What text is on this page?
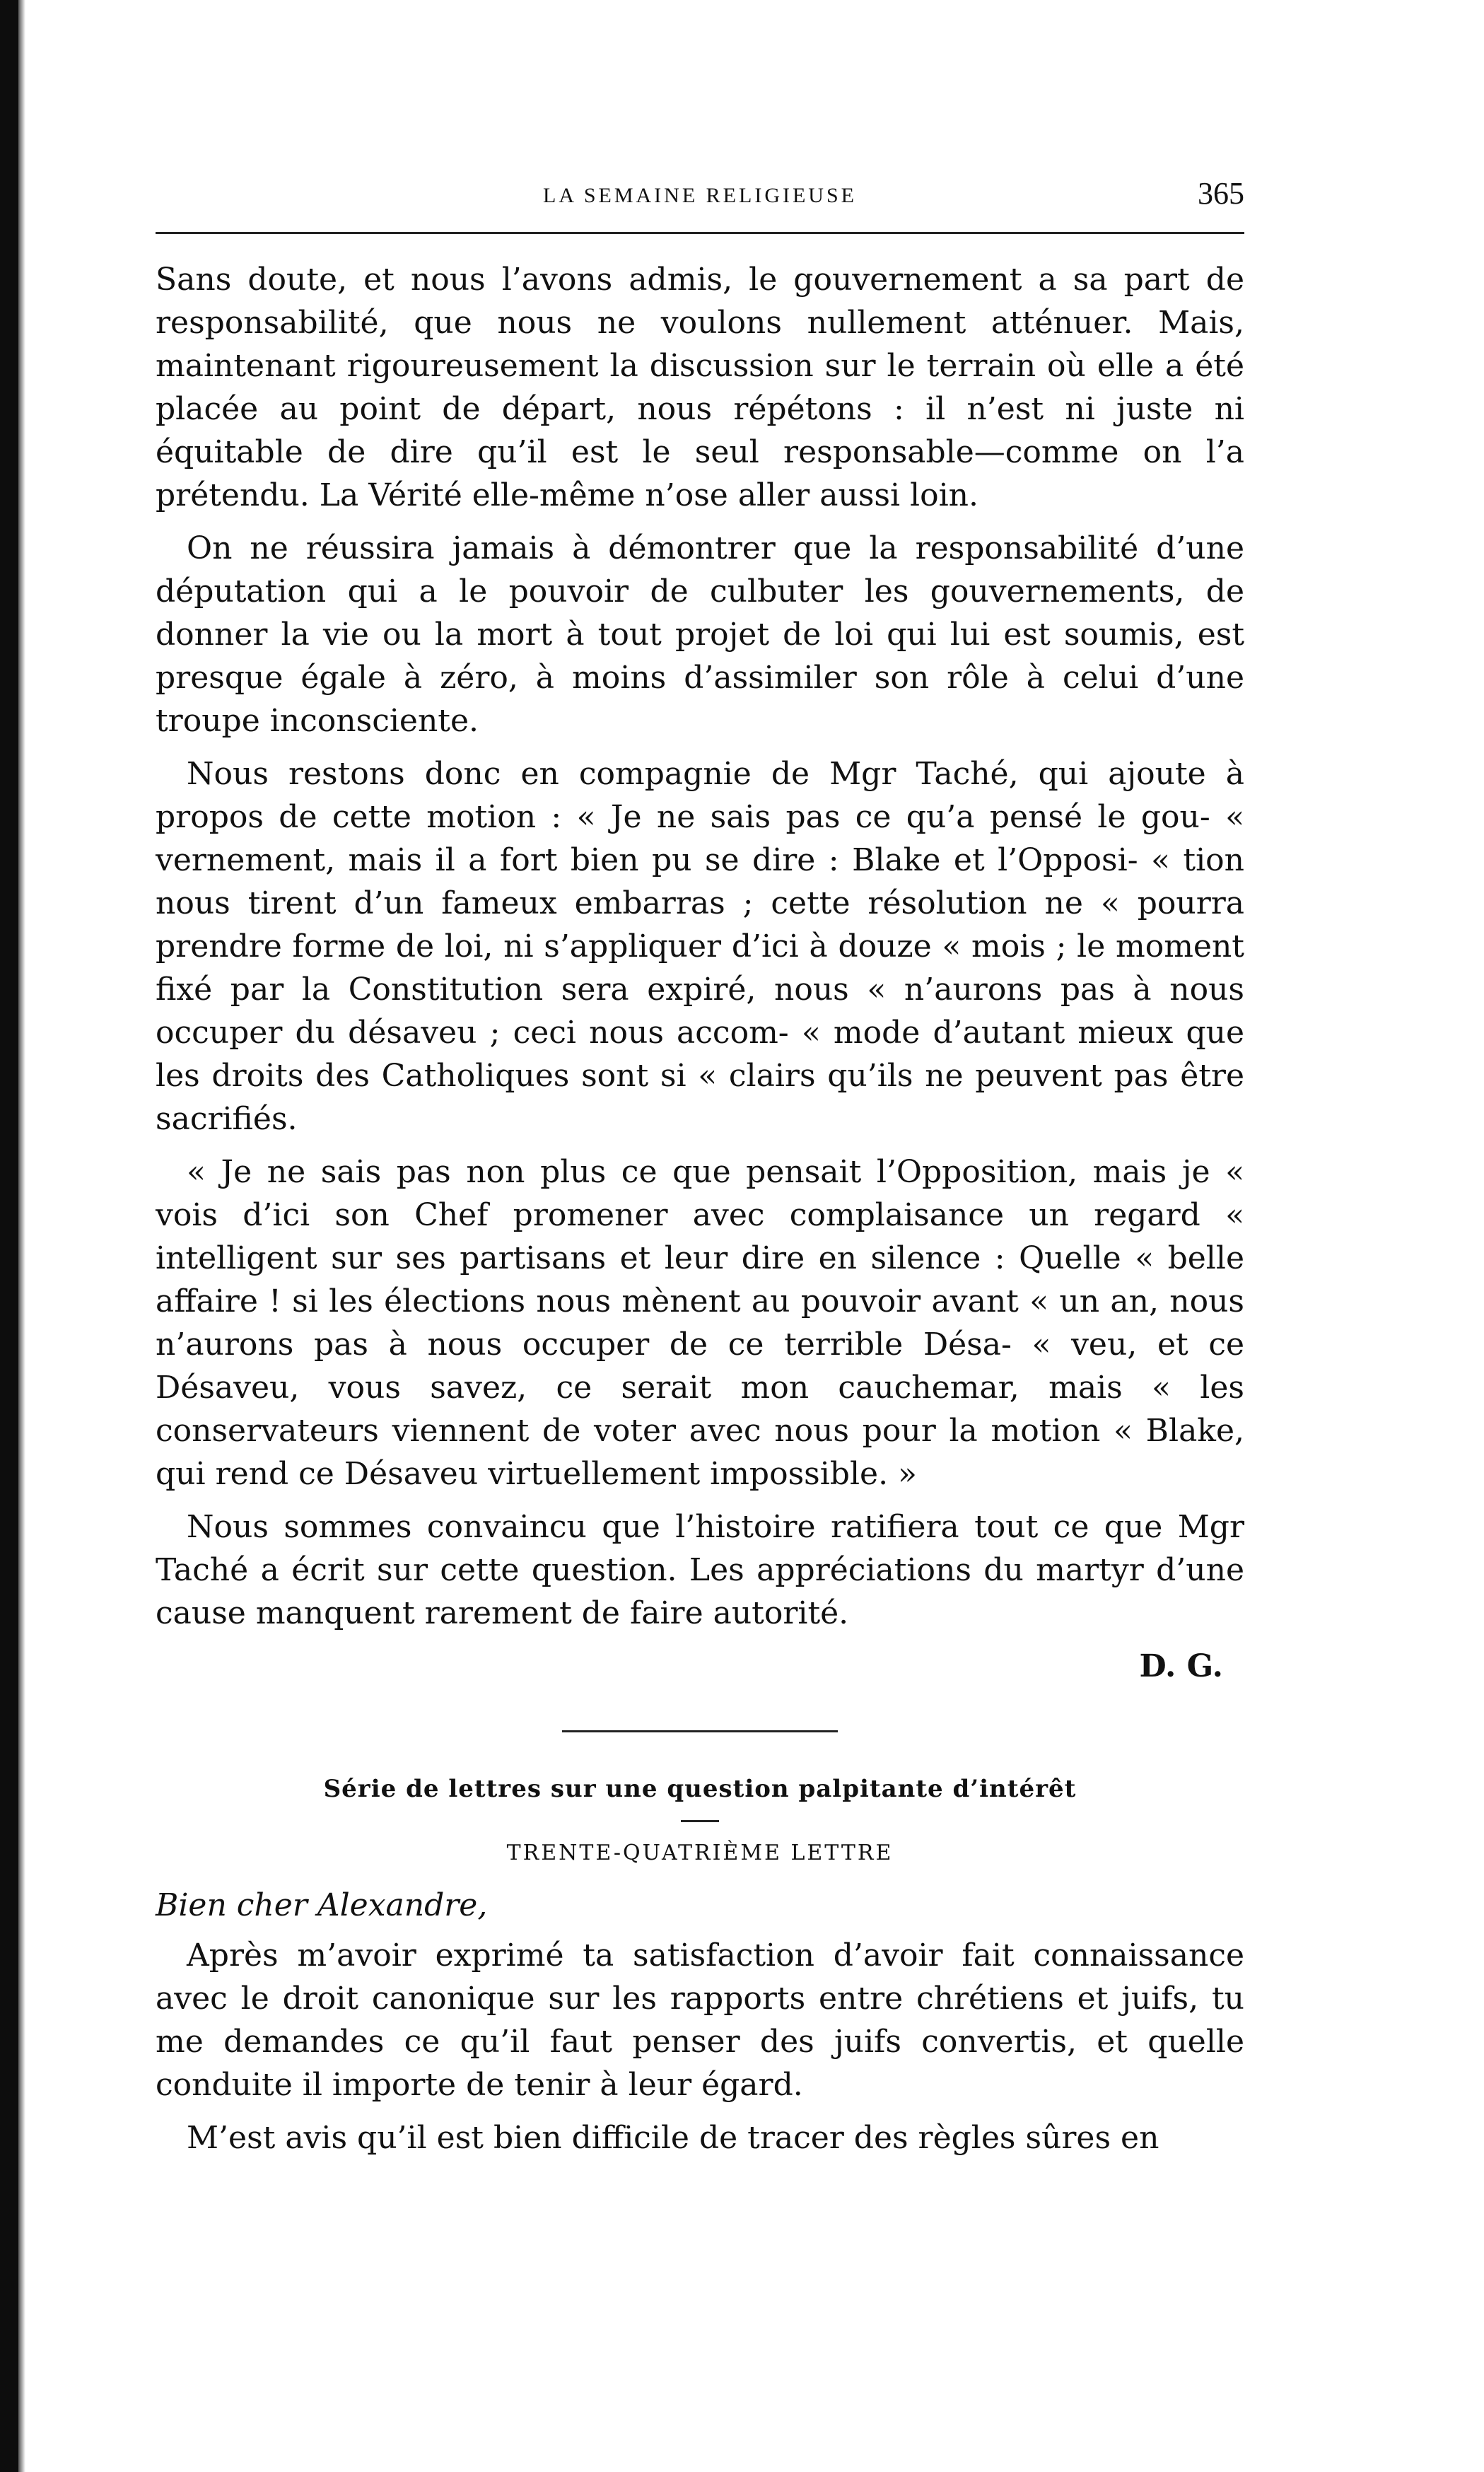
LA SEMAINE RELIGIEUSE	365

Sans doute, et nous l’avons admis, le gouvernement a sa part de responsabilité, que nous ne voulons nullement atténuer. Mais, maintenant rigoureusement la discussion sur le terrain où elle a été placée au point de départ, nous répétons : il n’est ni juste ni équitable de dire qu’il est le seul responsable—comme on l’a prétendu. La Vérité elle-même n’ose aller aussi loin.

On ne réussira jamais à démontrer que la responsabilité d’une députation qui a le pouvoir de culbuter les gouvernements, de donner la vie ou la mort à tout projet de loi qui lui est soumis, est presque égale à zéro, à moins d’assimiler son rôle à celui d’une troupe inconsciente.

Nous restons donc en compagnie de Mgr Taché, qui ajoute à propos de cette motion : « Je ne sais pas ce qu’a pensé le gou- « vernement, mais il a fort bien pu se dire : Blake et l’Opposi- « tion nous tirent d’un fameux embarras ; cette résolution ne « pourra prendre forme de loi, ni s’appliquer d’ici à douze « mois ; le moment fixé par la Constitution sera expiré, nous « n’aurons pas à nous occuper du désaveu ; ceci nous accom- « mode d’autant mieux que les droits des Catholiques sont si « clairs qu’ils ne peuvent pas être sacrifiés.

« Je ne sais pas non plus ce que pensait l’Opposition, mais je « vois d’ici son Chef promener avec complaisance un regard « intelligent sur ses partisans et leur dire en silence : Quelle « belle affaire ! si les élections nous mènent au pouvoir avant « un an, nous n’aurons pas à nous occuper de ce terrible Désa- « veu, et ce Désaveu, vous savez, ce serait mon cauchemar, mais « les conservateurs viennent de voter avec nous pour la motion « Blake, qui rend ce Désaveu virtuellement impossible. »

Nous sommes convaincu que l’histoire ratifiera tout ce que Mgr Taché a écrit sur cette question. Les appréciations du martyr d’une cause manquent rarement de faire autorité.

D. G.
Série de lettres sur une question palpitante d’intérêt
TRENTE-QUATRIÈME LETTRE
Bien cher Alexandre,

Après m’avoir exprimé ta satisfaction d’avoir fait connaissance avec le droit canonique sur les rapports entre chrétiens et juifs, tu me demandes ce qu’il faut penser des juifs convertis, et quelle conduite il importe de tenir à leur égard.

M’est avis qu’il est bien difficile de tracer des règles sûres en
